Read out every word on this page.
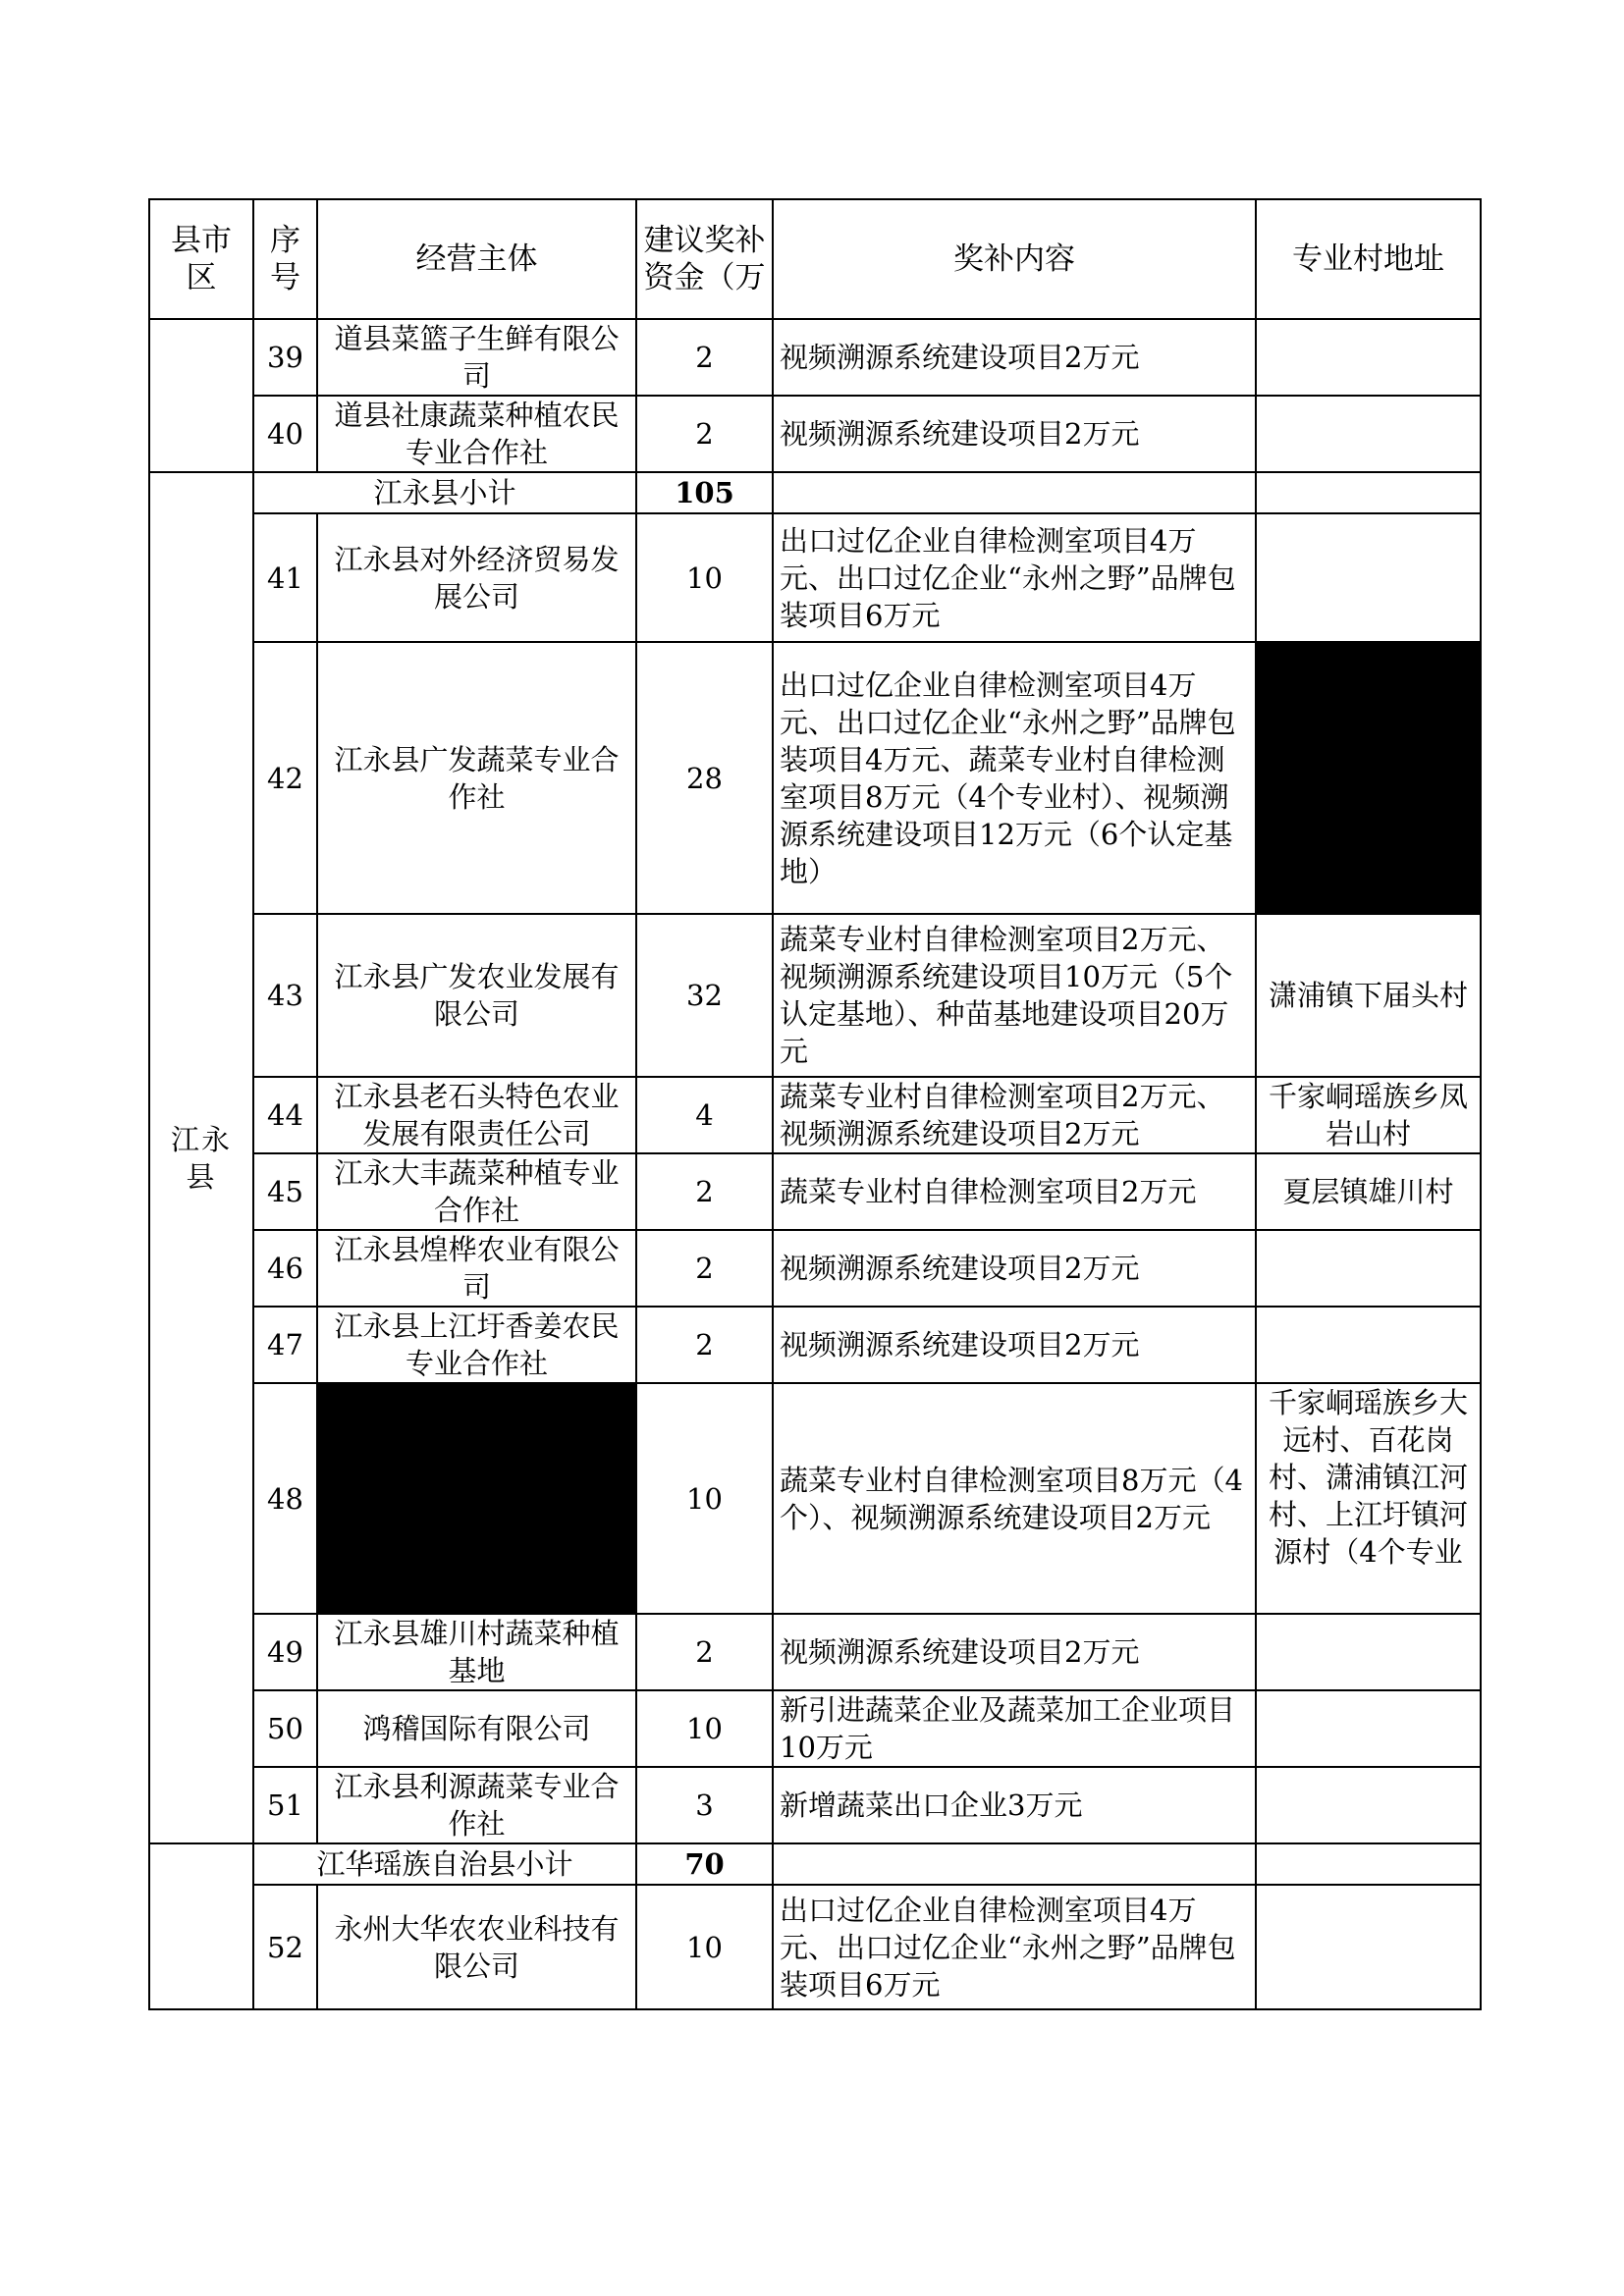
县市区	序号	经营主体	建议奖补资金（万	奖补内容	专业村地址
	39	道县菜篮子生鲜有限公司	2	视频溯源系统建设项目2万元	
	40	道县社康蔬菜种植农民专业合作社	2	视频溯源系统建设项目2万元	
江永县	江永县小计		105		
	41	江永县对外经济贸易发展公司	10	出口过亿企业自律检测室项目4万元、出口过亿企业“永州之野”品牌包装项目6万元	
	42	江永县广发蔬菜专业合作社	28	出口过亿企业自律检测室项目4万元、出口过亿企业“永州之野”品牌包装项目4万元、蔬菜专业村自律检测室项目8万元（4个专业村）、视频溯源系统建设项目12万元（6个认定基地）	
	43	江永县广发农业发展有限公司	32	蔬菜专业村自律检测室项目2万元、视频溯源系统建设项目10万元（5个认定基地）、种苗基地建设项目20万元	潇浦镇下届头村
	44	江永县老石头特色农业发展有限责任公司	4	蔬菜专业村自律检测室项目2万元、视频溯源系统建设项目2万元	千家峒瑶族乡凤岩山村
	45	江永大丰蔬菜种植专业合作社	2	蔬菜专业村自律检测室项目2万元	夏层镇雄川村
	46	江永县煌桦农业有限公司	2	视频溯源系统建设项目2万元	
	47	江永县上江圩香姜农民专业合作社	2	视频溯源系统建设项目2万元	
	48		10	蔬菜专业村自律检测室项目8万元（4个）、视频溯源系统建设项目2万元	千家峒瑶族乡大远村、百花岗村、潇浦镇江河村、上江圩镇河源村（4个专业

	49	江永县雄川村蔬菜种植基地	2	视频溯源系统建设项目2万元	
	50	鸿稽国际有限公司	10	新引进蔬菜企业及蔬菜加工企业项目10万元	
	51	江永县利源蔬菜专业合作社	3	新增蔬菜出口企业3万元	
	江华瑶族自治县小计		70		
	52	永州大华农农业科技有限公司	10	出口过亿企业自律检测室项目4万元、出口过亿企业“永州之野”品牌包装项目6万元	
